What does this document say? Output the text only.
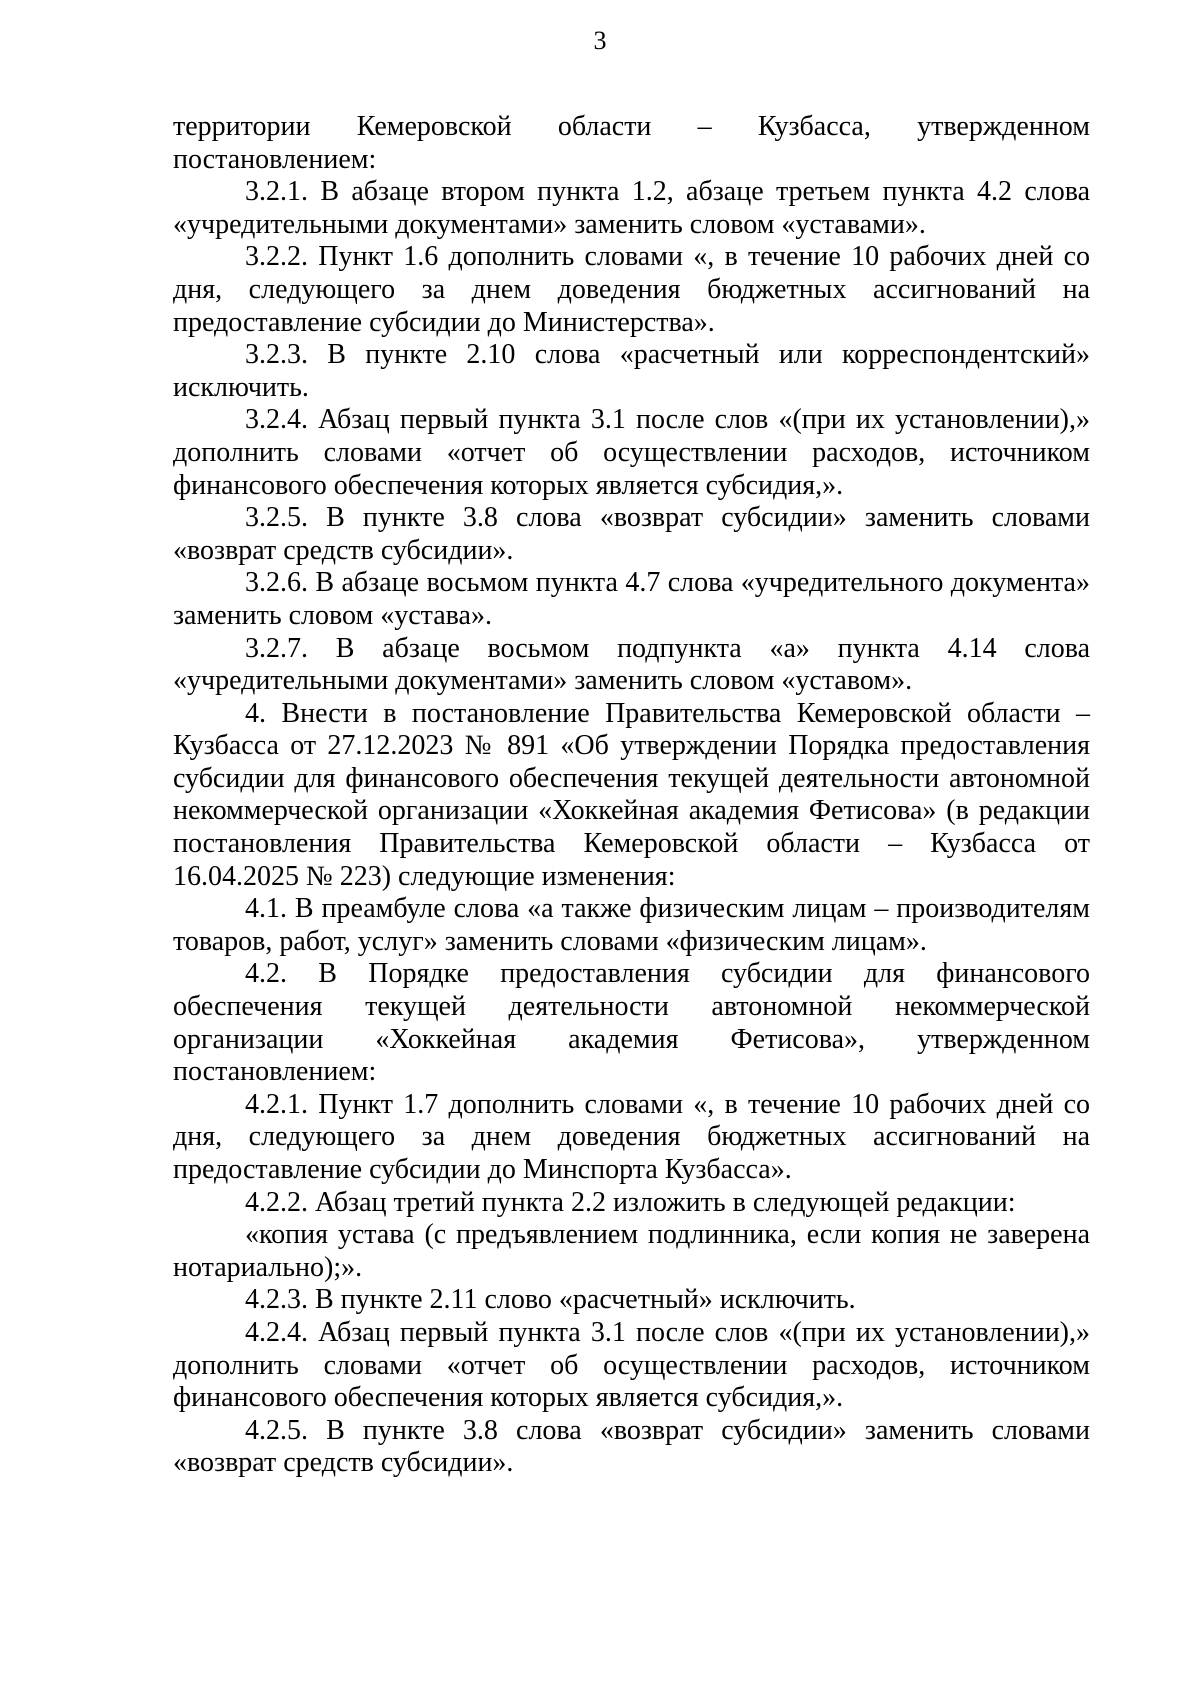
3

территории Кемеровской области – Кузбасса, утвержденном постановлением:

3.2.1. В абзаце втором пункта 1.2, абзаце третьем пункта 4.2 слова «учредительными документами» заменить словом «уставами».

3.2.2. Пункт 1.6 дополнить словами «, в течение 10 рабочих дней со дня, следующего за днем доведения бюджетных ассигнований на предоставление субсидии до Министерства».

3.2.3. В пункте 2.10 слова «расчетный или корреспондентский» исключить.

3.2.4. Абзац первый пункта 3.1 после слов «(при их установлении),» дополнить словами «отчет об осуществлении расходов, источником финансового обеспечения которых является субсидия,».

3.2.5. В пункте 3.8 слова «возврат субсидии» заменить словами «возврат средств субсидии».

3.2.6. В абзаце восьмом пункта 4.7 слова «учредительного документа» заменить словом «устава».

3.2.7. В абзаце восьмом подпункта «а» пункта 4.14 слова «учредительными документами» заменить словом «уставом».

4. Внести в постановление Правительства Кемеровской области – Кузбасса от 27.12.2023 № 891 «Об утверждении Порядка предоставления субсидии для финансового обеспечения текущей деятельности автономной некоммерческой организации «Хоккейная академия Фетисова» (в редакции постановления Правительства Кемеровской области – Кузбасса от 16.04.2025 № 223) следующие изменения:

4.1. В преамбуле слова «а также физическим лицам – производителям товаров, работ, услуг» заменить словами «физическим лицам».

4.2. В Порядке предоставления субсидии для финансового обеспечения текущей деятельности автономной некоммерческой организации «Хоккейная академия Фетисова», утвержденном постановлением:

4.2.1. Пункт 1.7 дополнить словами «, в течение 10 рабочих дней со дня, следующего за днем доведения бюджетных ассигнований на предоставление субсидии до Минспорта Кузбасса».

4.2.2. Абзац третий пункта 2.2 изложить в следующей редакции:

«копия устава (с предъявлением подлинника, если копия не заверена нотариально);».

4.2.3. В пункте 2.11 слово «расчетный» исключить.

4.2.4. Абзац первый пункта 3.1 после слов «(при их установлении),» дополнить словами «отчет об осуществлении расходов, источником финансового обеспечения которых является субсидия,».

4.2.5. В пункте 3.8 слова «возврат субсидии» заменить словами «возврат средств субсидии».
